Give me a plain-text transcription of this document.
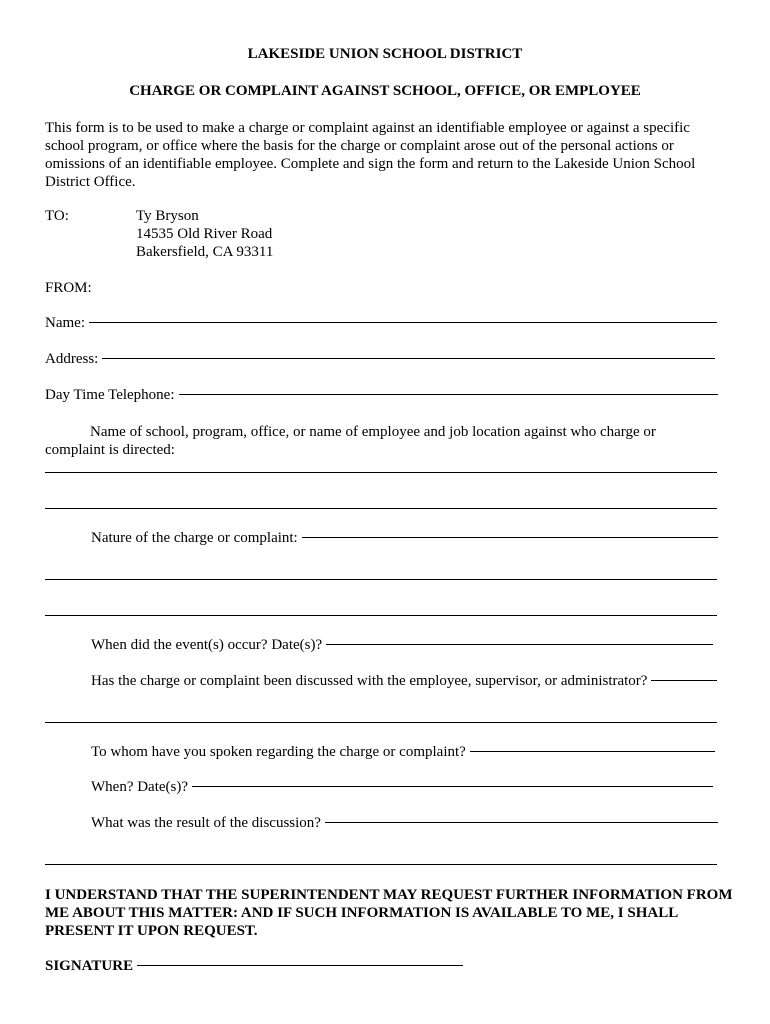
LAKESIDE UNION SCHOOL DISTRICT
CHARGE OR COMPLAINT AGAINST SCHOOL, OFFICE, OR EMPLOYEE
This form is to be used to make a charge or complaint against an identifiable employee or against a specific school program, or office where the basis for the charge or complaint arose out of the personal actions or omissions of an identifiable employee. Complete and sign the form and return to the Lakeside Union School District Office.
TO:	Ty Bryson
14535 Old River Road
Bakersfield, CA 93311
FROM:
Name:
Address:
Day Time Telephone:
Name of school, program, office, or name of employee and job location against who charge or complaint is directed:
Nature of the charge or complaint:
When did the event(s) occur? Date(s)?
Has the charge or complaint been discussed with the employee, supervisor, or administrator?
To whom have you spoken regarding the charge or complaint?
When? Date(s)?
What was the result of the discussion?
I UNDERSTAND THAT THE SUPERINTENDENT MAY REQUEST FURTHER INFORMATION FROM ME ABOUT THIS MATTER: AND IF SUCH INFORMATION IS AVAILABLE TO ME, I SHALL PRESENT IT UPON REQUEST.
SIGNATURE
